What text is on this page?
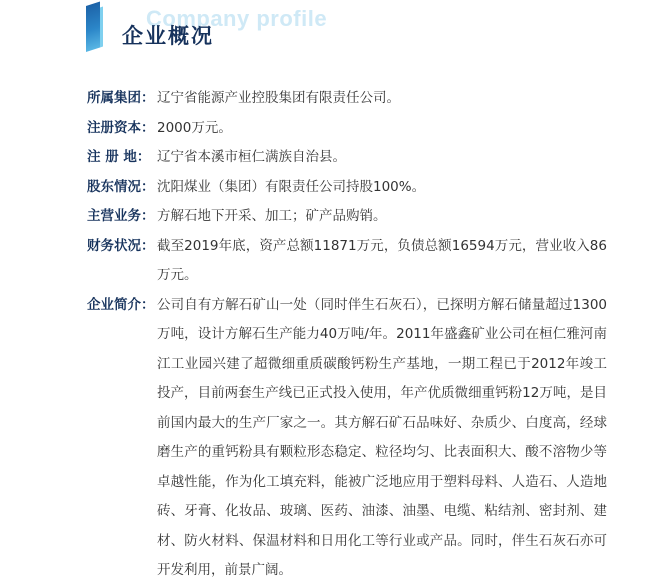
Company profile
企业概况
所属集团： 辽宁省能源产业控股集团有限责任公司。
注册资本： 2000万元。
注 册 地： 辽宁省本溪市桓仁满族自治县。
股东情况： 沈阳煤业（集团）有限责任公司持股100%。
主营业务： 方解石地下开采、加工；矿产品购销。
财务状况： 截至2019年底，资产总额11871万元，负债总额16594万元，营业收入86万元。
企业简介： 公司自有方解石矿山一处（同时伴生石灰石），已探明方解石储量超过1300万吨，设计方解石生产能力40万吨/年。2011年盛鑫矿业公司在桓仁雅河南江工业园兴建了超微细重质碳酸钙粉生产基地，一期工程已于2012年竣工投产，目前两套生产线已正式投入使用，年产优质微细重钙粉12万吨，是目前国内最大的生产厂家之一。其方解石矿石品味好、杂质少、白度高，经球磨生产的重钙粉具有颗粒形态稳定、粒径均匀、比表面积大、酸不溶物少等卓越性能，作为化工填充料，能被广泛地应用于塑料母料、人造石、人造地砖、牙膏、化妆品、玻璃、医药、油漆、油墨、电缆、粘结剂、密封剂、建材、防火材料、保温材料和日用化工等行业或产品。同时，伴生石灰石亦可开发利用，前景广阔。
